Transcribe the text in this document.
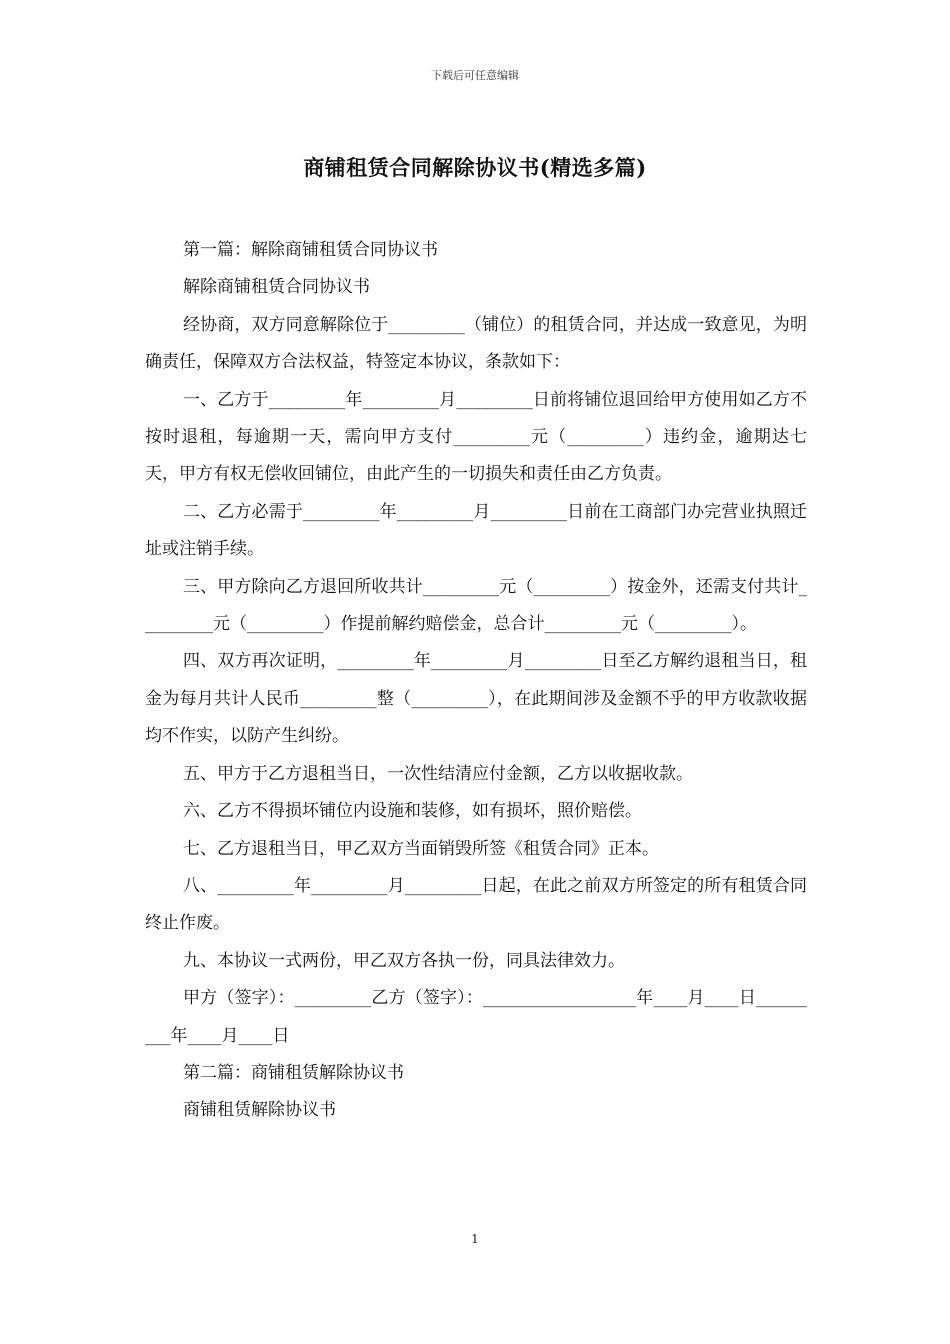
下载后可任意编辑
商铺租赁合同解除协议书(精选多篇)

第一篇：解除商铺租赁合同协议书

解除商铺租赁合同协议书

经协商，双方同意解除位于_________（铺位）的租赁合同，并达成一致意见，为明确责任，保障双方合法权益，特签定本协议，条款如下：

一、乙方于_________年_________月_________日前将铺位退回给甲方使用如乙方不按时退租，每逾期一天，需向甲方支付_________元（_________）违约金，逾期达七天，甲方有权无偿收回铺位，由此产生的一切损失和责任由乙方负责。

二、乙方必需于_________年_________月_________日前在工商部门办完营业执照迁址或注销手续。

三、甲方除向乙方退回所收共计_________元（_________）按金外，还需支付共计_________元（_________）作提前解约赔偿金，总合计_________元（_________）。

四、双方再次证明，_________年_________月_________日至乙方解约退租当日，租金为每月共计人民币_________整（_________），在此期间涉及金额不乎的甲方收款收据均不作实，以防产生纠纷。

五、甲方于乙方退租当日，一次性结清应付金额，乙方以收据收款。

六、乙方不得损坏铺位内设施和装修，如有损坏，照价赔偿。

七、乙方退租当日，甲乙双方当面销毁所签《租赁合同》正本。

八、_________年_________月_________日起，在此之前双方所签定的所有租赁合同终止作废。

九、本协议一式两份，甲乙双方各执一份，同具法律效力。

甲方（签字）：_________乙方（签字）：__________________年____月____日_________年____月____日

第二篇：商铺租赁解除协议书

商铺租赁解除协议书

1
